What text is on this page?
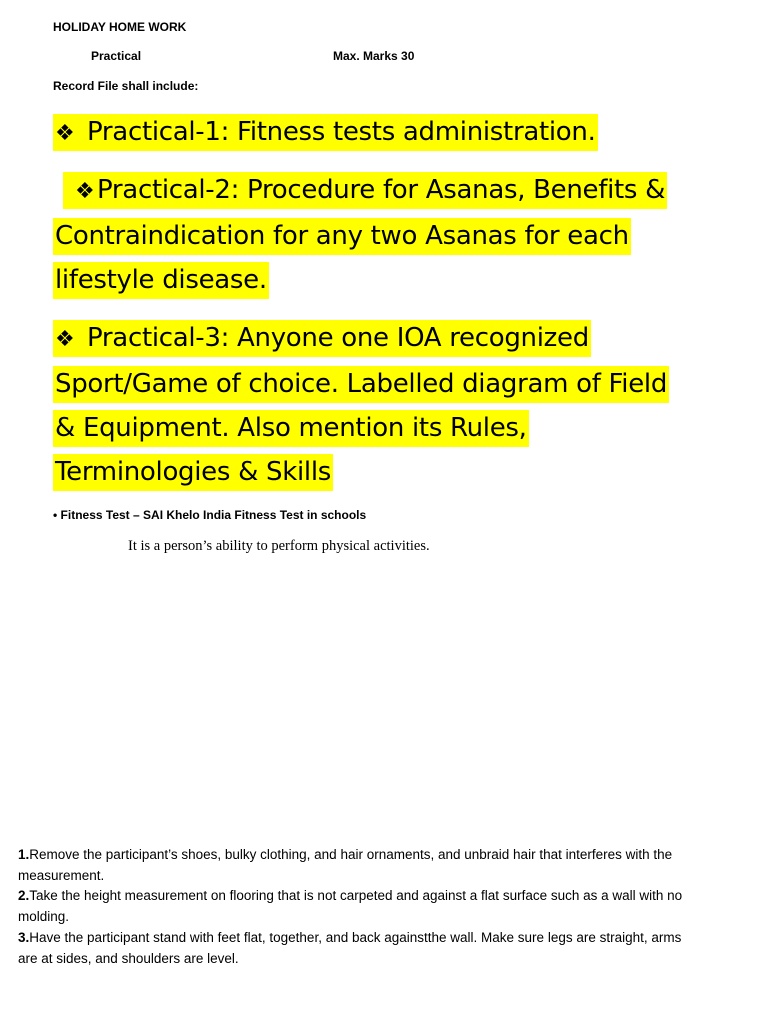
HOLIDAY HOME WORK
Practical	Max. Marks 30
Record File shall include:

❖ Practical-1: Fitness tests administration.

❖Practical-2: Procedure for Asanas, Benefits & Contraindication for any two Asanas for each lifestyle disease.

❖ Practical-3: Anyone one IOA recognized Sport/Game of choice. Labelled diagram of Field & Equipment. Also mention its Rules, Terminologies & Skills

• Fitness Test – SAI Khelo India Fitness Test in schools
It is a person’s ability to perform physical activities.

1.Remove the participant’s shoes, bulky clothing, and hair ornaments, and unbraid hair that interferes with the measurement.

2.Take the height measurement on flooring that is not carpeted and against a flat surface such as a wall with no molding.

3.Have the participant stand with feet flat, together, and back againstthe wall. Make sure legs are straight, arms are at sides, and shoulders are level.
